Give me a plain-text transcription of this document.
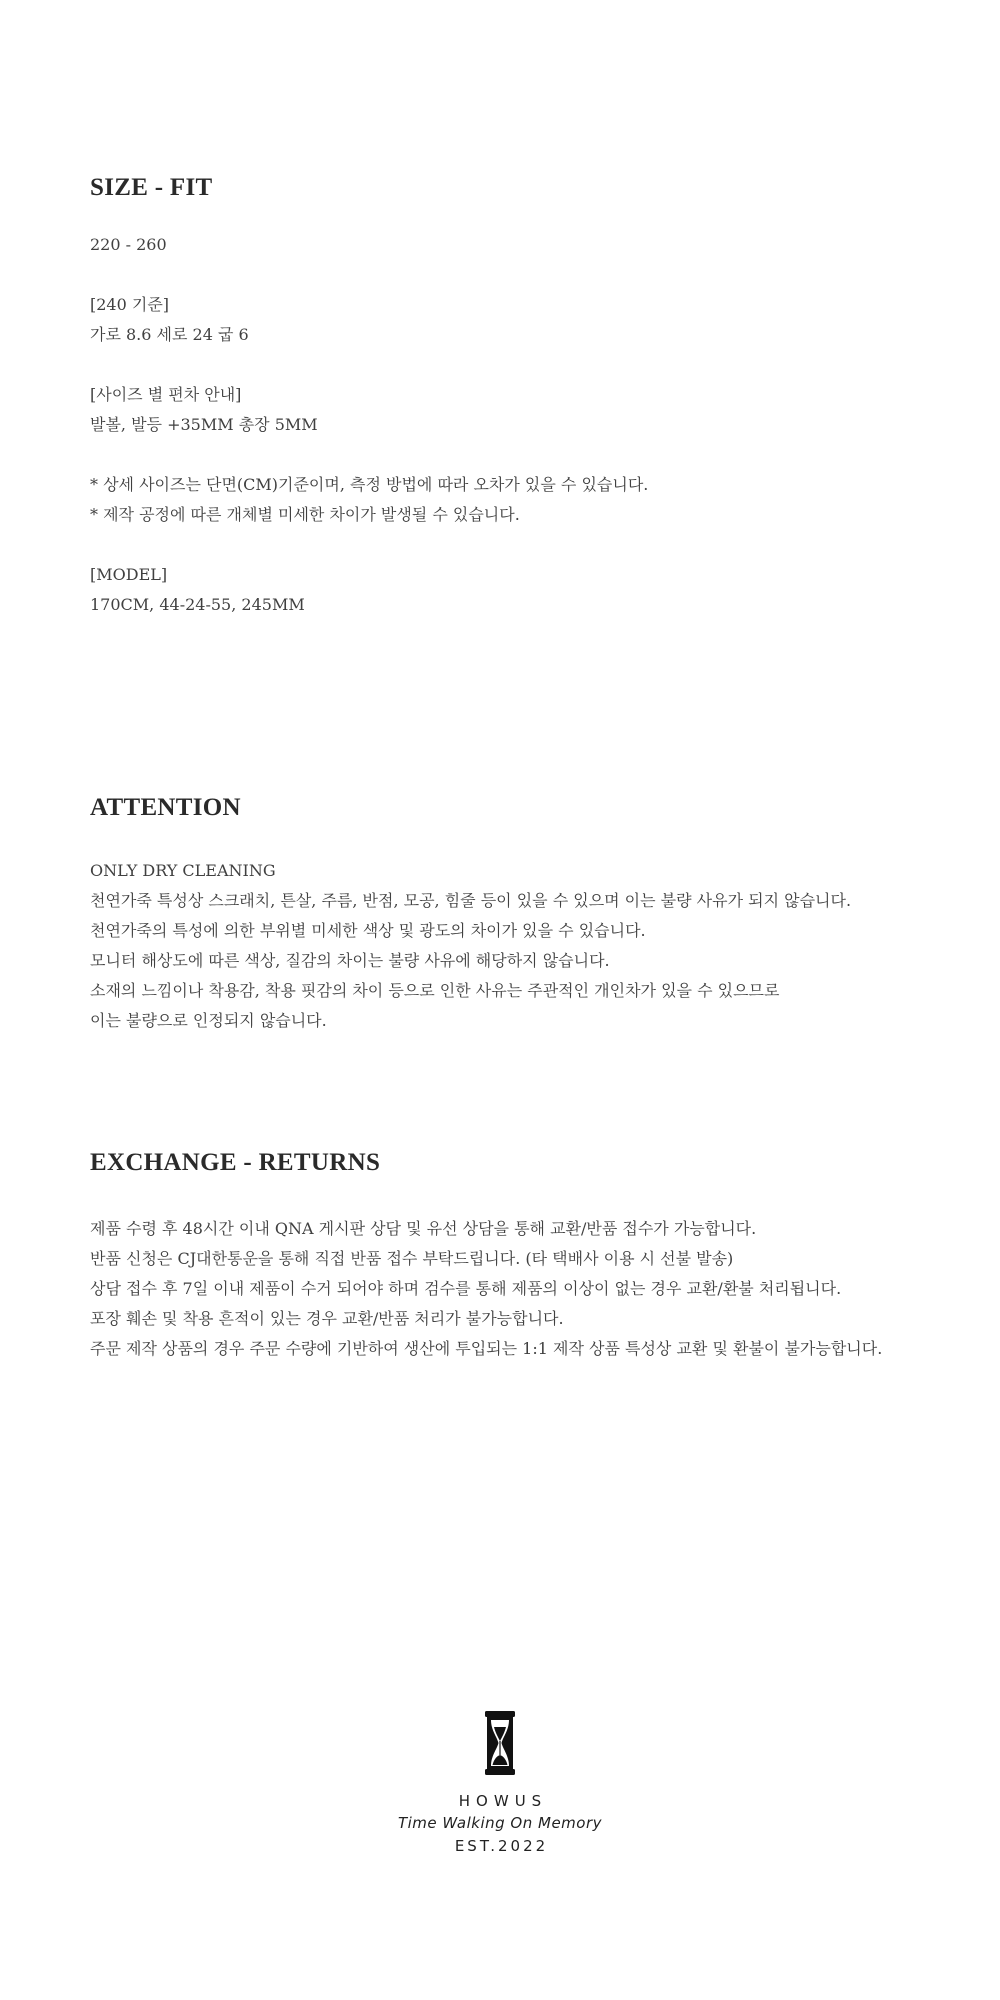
SIZE - FIT
220 - 260
[240 기준]
가로 8.6 세로 24 굽 6
[사이즈 별 편차 안내]
발볼, 발등 +35MM 총장 5MM
* 상세 사이즈는 단면(CM)기준이며, 측정 방법에 따라 오차가 있을 수 있습니다.
* 제작 공정에 따른 개체별 미세한 차이가 발생될 수 있습니다.
[MODEL]
170CM, 44-24-55, 245MM
ATTENTION
ONLY DRY CLEANING
천연가죽 특성상 스크래치, 튼살, 주름, 반점, 모공, 힘줄 등이 있을 수 있으며 이는 불량 사유가 되지 않습니다.
천연가죽의 특성에 의한 부위별 미세한 색상 및 광도의 차이가 있을 수 있습니다.
모니터 해상도에 따른 색상, 질감의 차이는 불량 사유에 해당하지 않습니다.
소재의 느낌이나 착용감, 착용 핏감의 차이 등으로 인한 사유는 주관적인 개인차가 있을 수 있으므로
이는 불량으로 인정되지 않습니다.
EXCHANGE - RETURNS
제품 수령 후 48시간 이내 QNA 게시판 상담 및 유선 상담을 통해 교환/반품 접수가 가능합니다.
반품 신청은 CJ대한통운을 통해 직접 반품 접수 부탁드립니다. (타 택배사 이용 시 선불 발송)
상담 접수 후 7일 이내 제품이 수거 되어야 하며 검수를 통해 제품의 이상이 없는 경우 교환/환불 처리됩니다.
포장 훼손 및 착용 흔적이 있는 경우 교환/반품 처리가 불가능합니다.
주문 제작 상품의 경우 주문 수량에 기반하여 생산에 투입되는 1:1 제작 상품 특성상 교환 및 환불이 불가능합니다.
HOWUS
Time Walking On Memory
EST.2022
